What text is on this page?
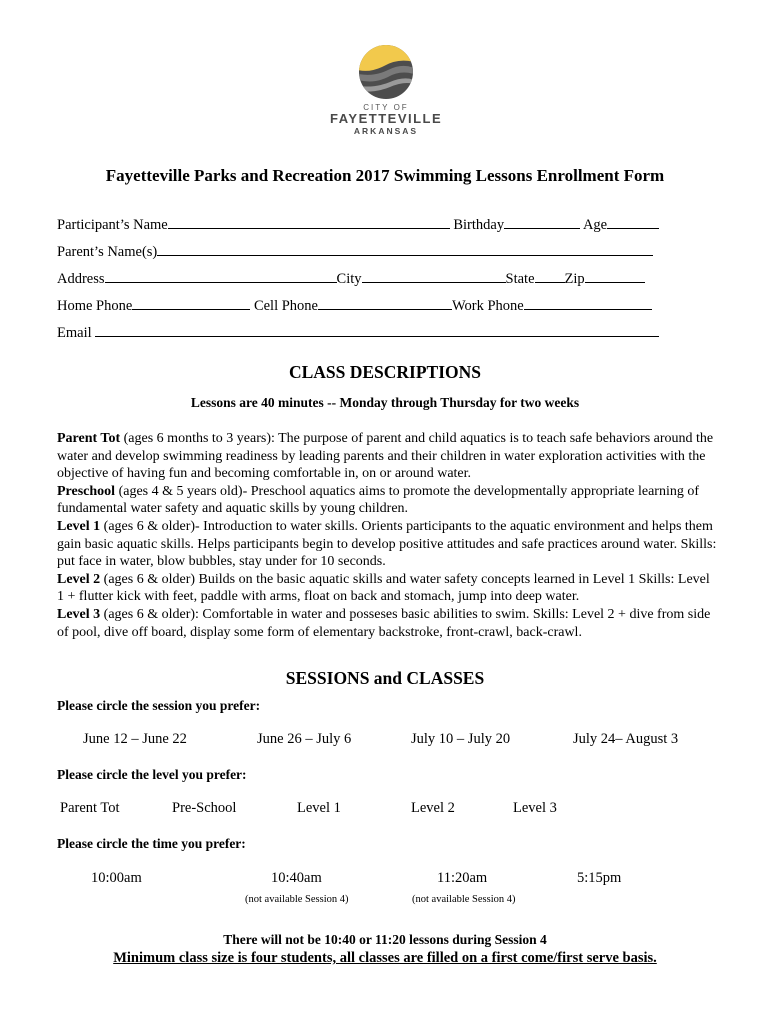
CITY OF
FAYETTEVILLE
ARKANSAS
Fayetteville Parks and Recreation 2017 Swimming Lessons Enrollment Form
Participant’s Name	Birthday	Age
Parent’s Name(s)
Address	City	State Zip
Home Phone	Cell Phone	Work Phone
Email
CLASS DESCRIPTIONS
Lessons are 40 minutes -- Monday through Thursday for two weeks

Parent Tot (ages 6 months to 3 years): The purpose of parent and child aquatics is to teach safe behaviors around the water and develop swimming readiness by leading parents and their children in water exploration activities with the objective of having fun and becoming comfortable in, on or around water.

Preschool (ages 4 & 5 years old)- Preschool aquatics aims to promote the developmentally appropriate learning of fundamental water safety and aquatic skills by young children.

Level 1 (ages 6 & older)- Introduction to water skills. Orients participants to the aquatic environment and helps them gain basic aquatic skills. Helps participants begin to develop positive attitudes and safe practices around water. Skills: put face in water, blow bubbles, stay under for 10 seconds.

Level 2 (ages 6 & older) Builds on the basic aquatic skills and water safety concepts learned in Level 1 Skills: Level 1 + flutter kick with feet, paddle with arms, float on back and stomach, jump into deep water.

Level 3 (ages 6 & older): Comfortable in water and posseses basic abilities to swim. Skills: Level 2 + dive from side of pool, dive off board, display some form of elementary backstroke, front-crawl, back-crawl.

SESSIONS and CLASSES
Please circle the session you prefer:
June 12 – June 22	June 26 – July 6	July 10 – July 20	July 24– August 3
Please circle the level you prefer:
Parent Tot	Pre-School	Level 1	Level 2	Level 3
Please circle the time you prefer:
10:00am	10:40am	11:20am	5:15pm
(not available Session 4)	(not available Session 4)
There will not be 10:40 or 11:20 lessons during Session 4
Minimum class size is four students, all classes are filled on a first come/first serve basis.
